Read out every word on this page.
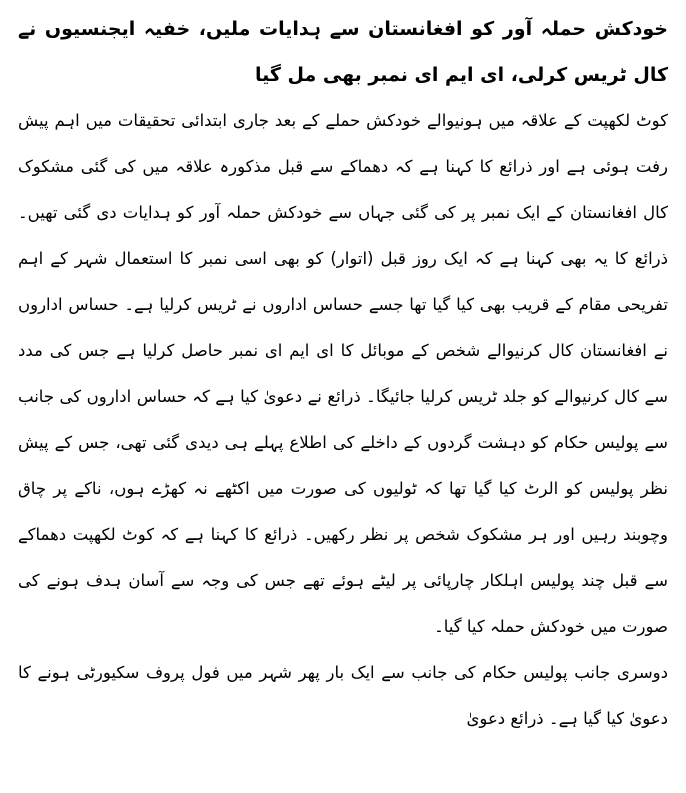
خودکش حملہ آور کو افغانستان سے ہدایات ملیں، خفیہ ایجنسیوں نے کال ٹریس کرلی، ای ایم ای نمبر بھی مل گیا

کوٹ لکھپت کے علاقہ میں ہونیوالے خودکش حملے کے بعد جاری ابتدائی تحقیقات میں اہم پیش رفت ہوئی ہے اور ذرائع کا کہنا ہے کہ دھماکے سے قبل مذکورہ علاقہ میں کی گئی مشکوک کال افغانستان کے ایک نمبر پر کی گئی جہاں سے خودکش حملہ آور کو ہدایات دی گئی تھیں۔ ذرائع کا یہ بھی کہنا ہے کہ ایک روز قبل (اتوار) کو بھی اسی نمبر کا استعمال شہر کے اہم تفریحی مقام کے قریب بھی کیا گیا تھا جسے حساس اداروں نے ٹریس کرلیا ہے۔ حساس اداروں نے افغانستان کال کرنیوالے شخص کے موبائل کا ای ایم ای نمبر حاصل کرلیا ہے جس کی مدد سے کال کرنیوالے کو جلد ٹریس کرلیا جائیگا۔ ذرائع نے دعویٰ کیا ہے کہ حساس اداروں کی جانب سے پولیس حکام کو دہشت گردوں کے داخلے کی اطلاع پہلے ہی دیدی گئی تھی، جس کے پیش نظر پولیس کو الرٹ کیا گیا تھا کہ ٹولیوں کی صورت میں اکٹھے نہ کھڑے ہوں، ناکے پر چاق وچوبند رہیں اور ہر مشکوک شخص پر نظر رکھیں۔ ذرائع کا کہنا ہے کہ کوٹ لکھپت دھماکے سے قبل چند پولیس اہلکار چارپائی پر لیٹے ہوئے تھے جس کی وجہ سے آسان ہدف ہونے کی صورت میں خودکش حملہ کیا گیا۔

دوسری جانب پولیس حکام کی جانب سے ایک بار پھر شہر میں فول پروف سکیورٹی ہونے کا دعویٰ کیا گیا ہے۔ ذرائع دعویٰ
